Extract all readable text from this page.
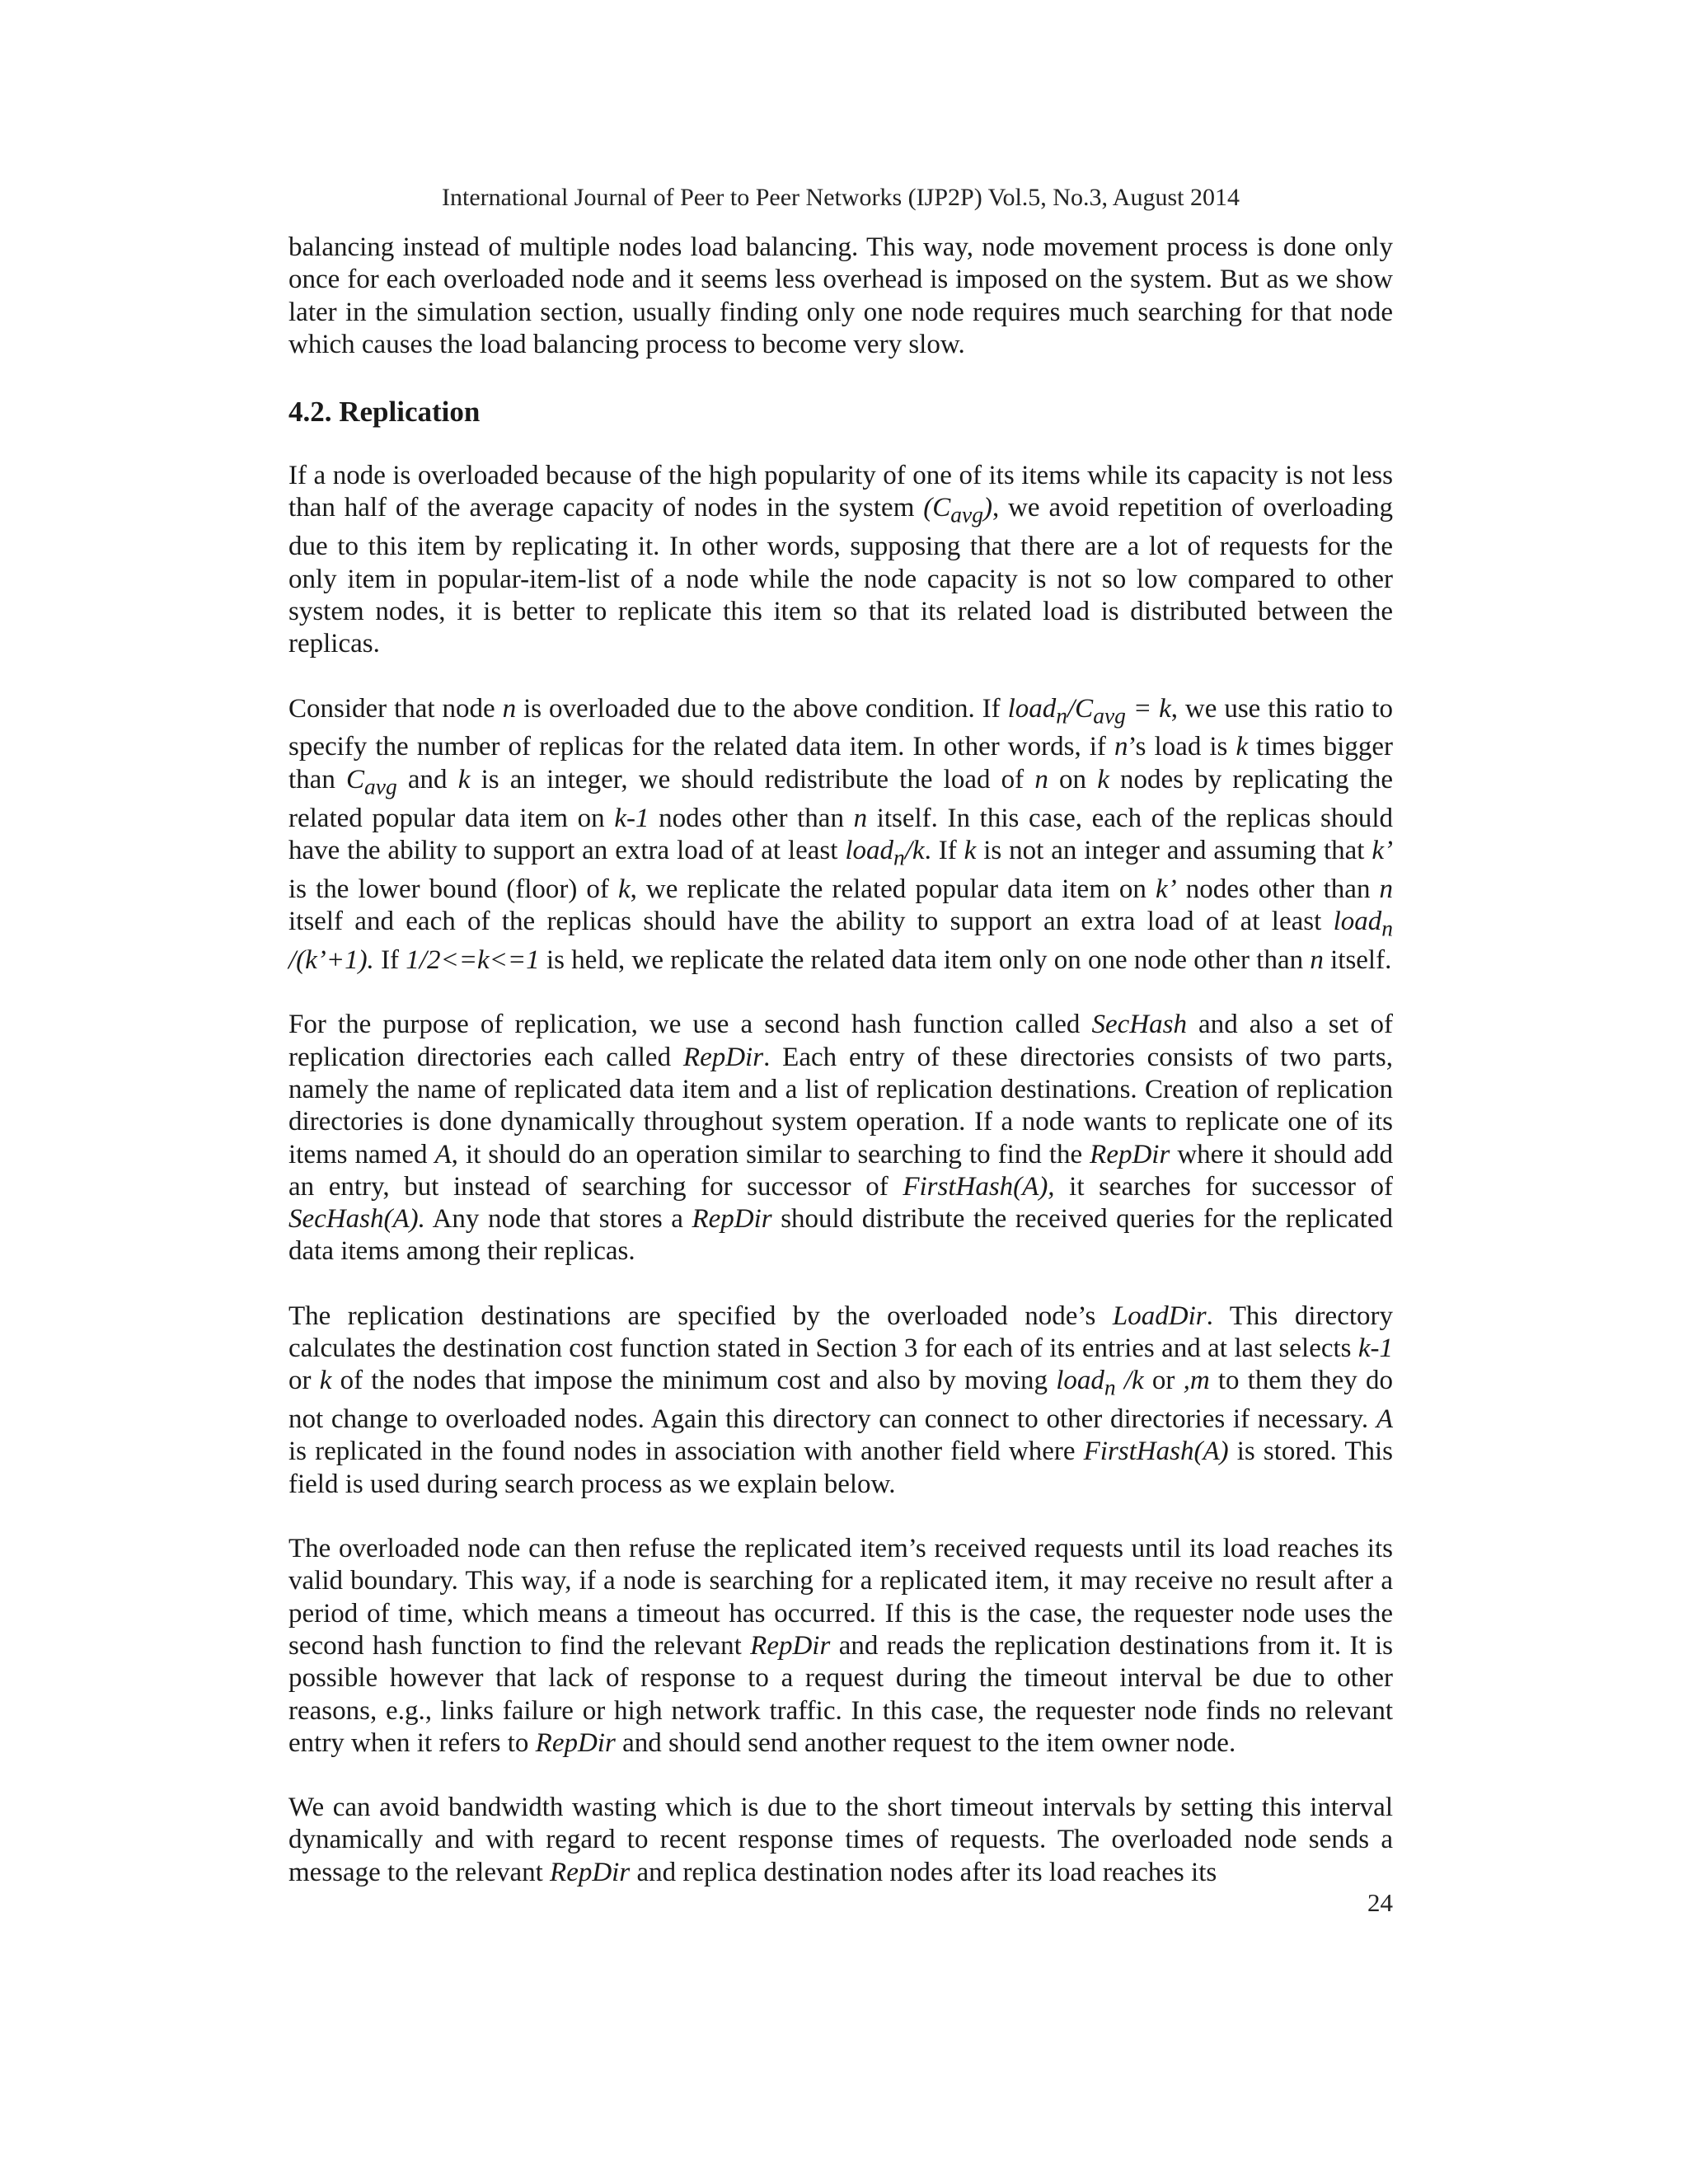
International Journal of Peer to Peer Networks (IJP2P) Vol.5, No.3, August 2014

balancing instead of multiple nodes load balancing. This way, node movement process is done only once for each overloaded node and it seems less overhead is imposed on the system. But as we show later in the simulation section, usually finding only one node requires much searching for that node which causes the load balancing process to become very slow.

4.2. Replication

If a node is overloaded because of the high popularity of one of its items while its capacity is not less than half of the average capacity of nodes in the system $(C_{avg})$, we avoid repetition of overloading due to this item by replicating it. In other words, supposing that there are a lot of requests for the only item in popular-item-list of a node while the node capacity is not so low compared to other system nodes, it is better to replicate this item so that its related load is distributed between the replicas.

Consider that node n is overloaded due to the above condition. If $load_n/C_{avg} = k$, we use this ratio to specify the number of replicas for the related data item. In other words, if n’s load is k times bigger than $C_{avg}$ and k is an integer, we should redistribute the load of n on k nodes by replicating the related popular data item on k-1 nodes other than n itself. In this case, each of the replicas should have the ability to support an extra load of at least load$_n$/k. If k is not an integer and assuming that k’ is the lower bound (floor) of k, we replicate the related popular data item on k’ nodes other than n itself and each of the replicas should have the ability to support an extra load of at least load$_n$ /(k’+1). If 1/2<=k<=1 is held, we replicate the related data item only on one node other than n itself.

For the purpose of replication, we use a second hash function called SecHash and also a set of replication directories each called RepDir. Each entry of these directories consists of two parts, namely the name of replicated data item and a list of replication destinations. Creation of replication directories is done dynamically throughout system operation. If a node wants to replicate one of its items named A, it should do an operation similar to searching to find the RepDir where it should add an entry, but instead of searching for successor of FirstHash(A), it searches for successor of SecHash(A). Any node that stores a RepDir should distribute the received queries for the replicated data items among their replicas.

The replication destinations are specified by the overloaded node’s LoadDir. This directory calculates the destination cost function stated in Section 3 for each of its entries and at last selects k-1 or k of the nodes that impose the minimum cost and also by moving load$_n$ /k or ,m to them they do not change to overloaded nodes. Again this directory can connect to other directories if necessary. A is replicated in the found nodes in association with another field where FirstHash(A) is stored. This field is used during search process as we explain below.

The overloaded node can then refuse the replicated item’s received requests until its load reaches its valid boundary. This way, if a node is searching for a replicated item, it may receive no result after a period of time, which means a timeout has occurred. If this is the case, the requester node uses the second hash function to find the relevant RepDir and reads the replication destinations from it. It is possible however that lack of response to a request during the timeout interval be due to other reasons, e.g., links failure or high network traffic. In this case, the requester node finds no relevant entry when it refers to RepDir and should send another request to the item owner node.

We can avoid bandwidth wasting which is due to the short timeout intervals by setting this interval dynamically and with regard to recent response times of requests. The overloaded node sends a message to the relevant RepDir and replica destination nodes after its load reaches its

24
